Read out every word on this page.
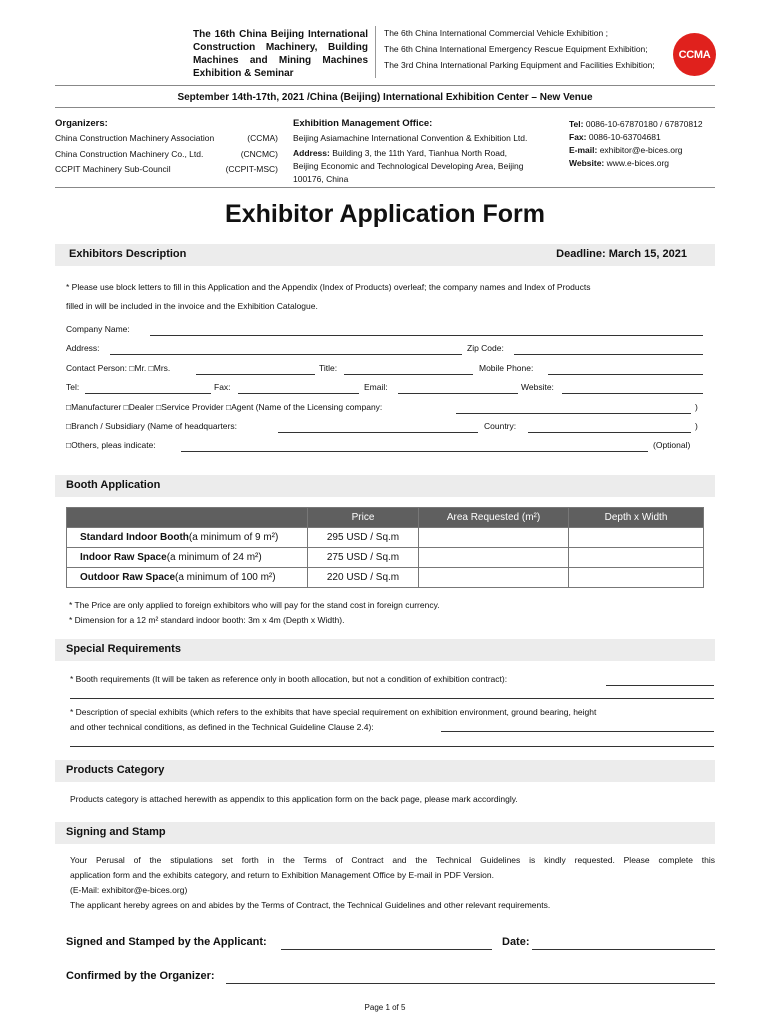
The 16th China Beijing International
Construction Machinery, Building
Machines and Mining Machines
Exhibition & Seminar
The 6th China International Commercial Vehicle Exhibition ;
The 6th China International Emergency Rescue Equipment Exhibition;
The 3rd China International Parking Equipment and Facilities Exhibition;
CCMA
September 14th-17th, 2021 /China (Beijing) International Exhibition Center – New Venue
Organizers:
China Construction Machinery Association	(CCMA)
China Construction Machinery Co., Ltd.	(CNCMC)
CCPIT Machinery Sub-Council	(CCPIT-MSC)
Exhibition Management Office:
Beijing Asiamachine International Convention & Exhibition Ltd.
Address: Building 3, the 11th Yard, Tianhua North Road,
Beijing Economic and Technological Developing Area, Beijing
100176, China
Tel: 0086-10-67870180 / 67870812
Fax: 0086-10-63704681
E-mail: exhibitor@e-bices.org
Website: www.e-bices.org
Exhibitor Application Form
Exhibitors Description	Deadline: March 15, 2021
* Please use block letters to fill in this Application and the Appendix (Index of Products) overleaf; the company names and Index of Products
filled in will be included in the invoice and the Exhibition Catalogue.
Company Name:
Address:	Zip Code:
Contact Person: □Mr. □Mrs.	Title:	Mobile Phone:
Tel:	Fax:	Email:	Website:
□Manufacturer □Dealer □Service Provider □Agent (Name of the Licensing company:	)
□Branch / Subsidiary (Name of headquarters:	Country:	)
□Others, pleas indicate:	(Optional)
Booth Application
	Price	Area Requested (m²)	Depth x Width
Standard Indoor Booth(a minimum of 9 m²)	295 USD / Sq.m		
Indoor Raw Space(a minimum of 24 m²)	275 USD / Sq.m		
Outdoor Raw Space(a minimum of 100 m²)	220 USD / Sq.m		
* The Price are only applied to foreign exhibitors who will pay for the stand cost in foreign currency.
* Dimension for a 12 m² standard indoor booth: 3m x 4m (Depth x Width).
Special Requirements
* Booth requirements (It will be taken as reference only in booth allocation, but not a condition of exhibition contract):
* Description of special exhibits (which refers to the exhibits that have special requirement on exhibition environment, ground bearing, height
and other technical conditions, as defined in the Technical Guideline Clause 2.4):
Products Category
Products category is attached herewith as appendix to this application form on the back page, please mark accordingly.
Signing and Stamp
Your Perusal of the stipulations set forth in the Terms of Contract and the Technical Guidelines is kindly requested. Please complete this
application form and the exhibits category, and return to Exhibition Management Office by E-mail in PDF Version.
(E-Mail: exhibitor@e-bices.org)
The applicant hereby agrees on and abides by the Terms of Contract, the Technical Guidelines and other relevant requirements.
Signed and Stamped by the Applicant:	Date:
Confirmed by the Organizer:
Page 1 of 5
